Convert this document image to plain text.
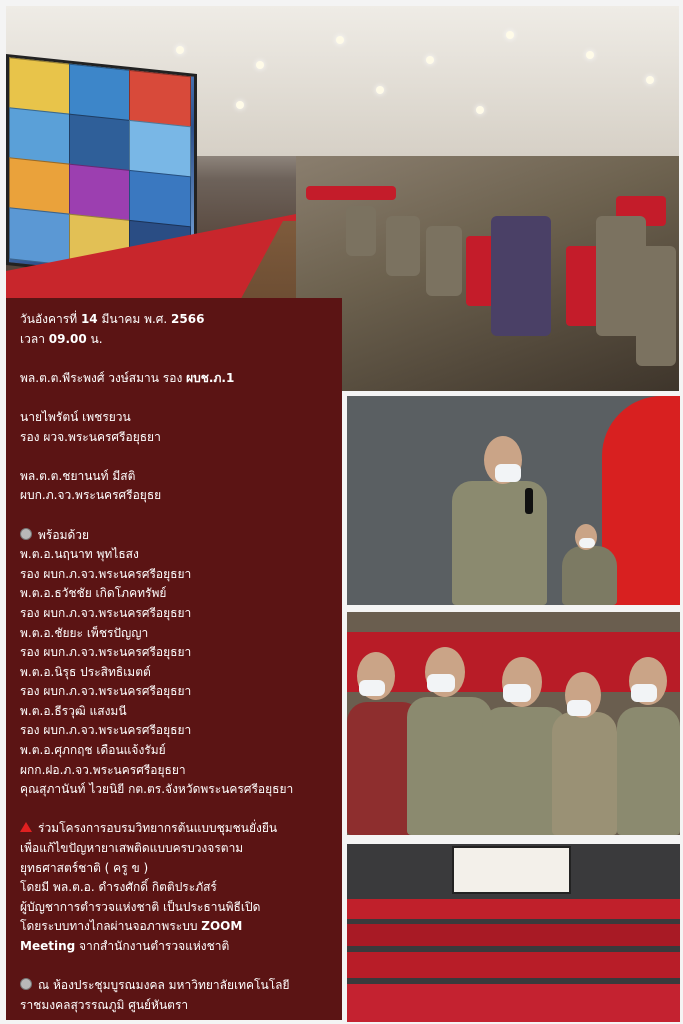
วันอังคารที่ 14 มีนาคม พ.ศ. 2566
เวลา 09.00 น.
พล.ต.ต.พีระพงศ์ วงษ์สมาน รอง ผบช.ภ.1
นายไพรัตน์ เพชรยวน
รอง ผวจ.พระนครศรีอยุธยา
พล.ต.ต.ชยานนท์ มีสติ
ผบก.ภ.จว.พระนครศรีอยุธย
พร้อมด้วย
พ.ต.อ.นฤนาท พุทไธสง
รอง ผบก.ภ.จว.พระนครศรีอยุธยา
พ.ต.อ.ธวัชชัย เกิดโภคทรัพย์
รอง ผบก.ภ.จว.พระนครศรีอยุธยา
พ.ต.อ.ชัยยะ เพ็ชรปัญญา
รอง ผบก.ภ.จว.พระนครศรีอยุธยา
พ.ต.อ.นิรุธ ประสิทธิเมตต์
รอง ผบก.ภ.จว.พระนครศรีอยุธยา
พ.ต.อ.ธีรวุฒิ แสงมนี
รอง ผบก.ภ.จว.พระนครศรีอยุธยา
พ.ต.อ.ศุภกฤช เดือนแจ้งรัมย์
ผกก.ฝอ.ภ.จว.พระนครศรีอยุธยา
คุณสุภานันท์ ไวยนิยี กต.ตร.จังหวัดพระนครศรีอยุธยา
ร่วมโครงการอบรมวิทยากรต้นแบบชุมชนยั่งยืน
เพื่อแก้ไขปัญหายาเสพติดแบบครบวงจรตาม
ยุทธศาสตร์ชาติ ( ครู ข )
โดยมี พล.ต.อ. ดำรงศักดิ์ กิตติประภัสร์
ผู้บัญชาการตำรวจแห่งชาติ เป็นประธานพิธีเปิด
โดยระบบทางไกลผ่านจอภาพระบบ ZOOM
Meeting จากสำนักงานตำรวจแห่งชาติ
ณ ห้องประชุมบูรณมงคล มหาวิทยาลัยเทคโนโลยี
ราชมงคลสุวรรณภูมิ ศูนย์หันตรา
